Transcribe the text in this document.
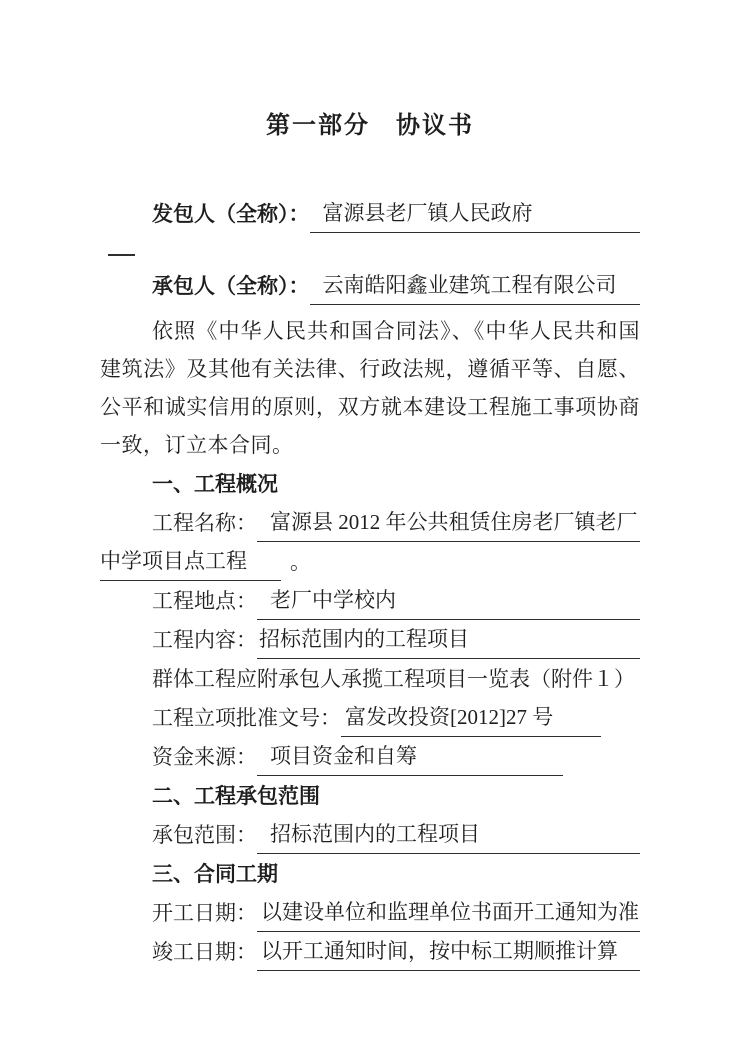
第一部分　协议书
发包人（全称）： 富源县老厂镇人民政府
承包人（全称）： 云南皓阳鑫业建筑工程有限公司
依照《中华人民共和国合同法》、《中华人民共和国建筑法》及其他有关法律、行政法规，遵循平等、自愿、公平和诚实信用的原则，双方就本建设工程施工事项协商一致，订立本合同。
一、工程概况
工程名称： 富源县 2012 年公共租赁住房老厂镇老厂
中学项目点工程	。
工程地点： 老厂中学校内
工程内容： 招标范围内的工程项目
群体工程应附承包人承揽工程项目一览表（附件１）
工程立项批准文号： 富发改投资[2012]27 号
资金来源： 项目资金和自筹
二、工程承包范围
承包范围： 招标范围内的工程项目
三、合同工期
开工日期： 以建设单位和监理单位书面开工通知为准
竣工日期： 以开工通知时间，按中标工期顺推计算
